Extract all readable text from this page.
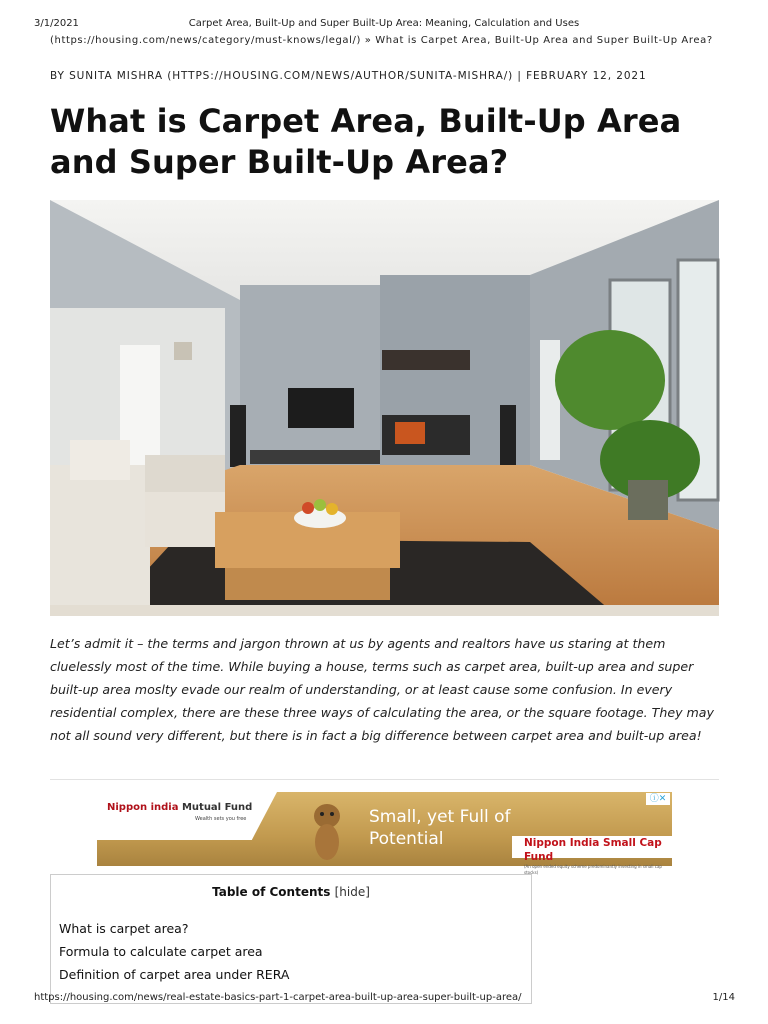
3/1/2021	Carpet Area, Built-Up and Super Built-Up Area: Meaning, Calculation and Uses
(https://housing.com/news/category/must-knows/legal/) » What is Carpet Area, Built-Up Area and Super Built-Up Area?
BY SUNITA MISHRA (HTTPS://HOUSING.COM/NEWS/AUTHOR/SUNITA-MISHRA/) | FEBRUARY 12, 2021
What is Carpet Area, Built-Up Area and Super Built-Up Area?

Let’s admit it – the terms and jargon thrown at us by agents and realtors have us staring at them cluelessly most of the time. While buying a house, terms such as carpet area, built-up area and super built-up area moslty evade our realm of understanding, or at least cause some confusion. In every residential complex, there are these three ways of calculating the area, or the square footage. They may not all sound very different, but there is in fact a big difference between carpet area and built-up area!

Nippon india Mutual Fund
Wealth sets you free	Small, yet Full of Potential	Nippon India Small Cap Fund
(An open ended equity scheme predominantly investing in small cap stocks)
ⓘ✕
Table of Contents [hide]
What is carpet area?
Formula to calculate carpet area
Definition of carpet area under RERA
https://housing.com/news/real-estate-basics-part-1-carpet-area-built-up-area-super-built-up-area/	1/14
